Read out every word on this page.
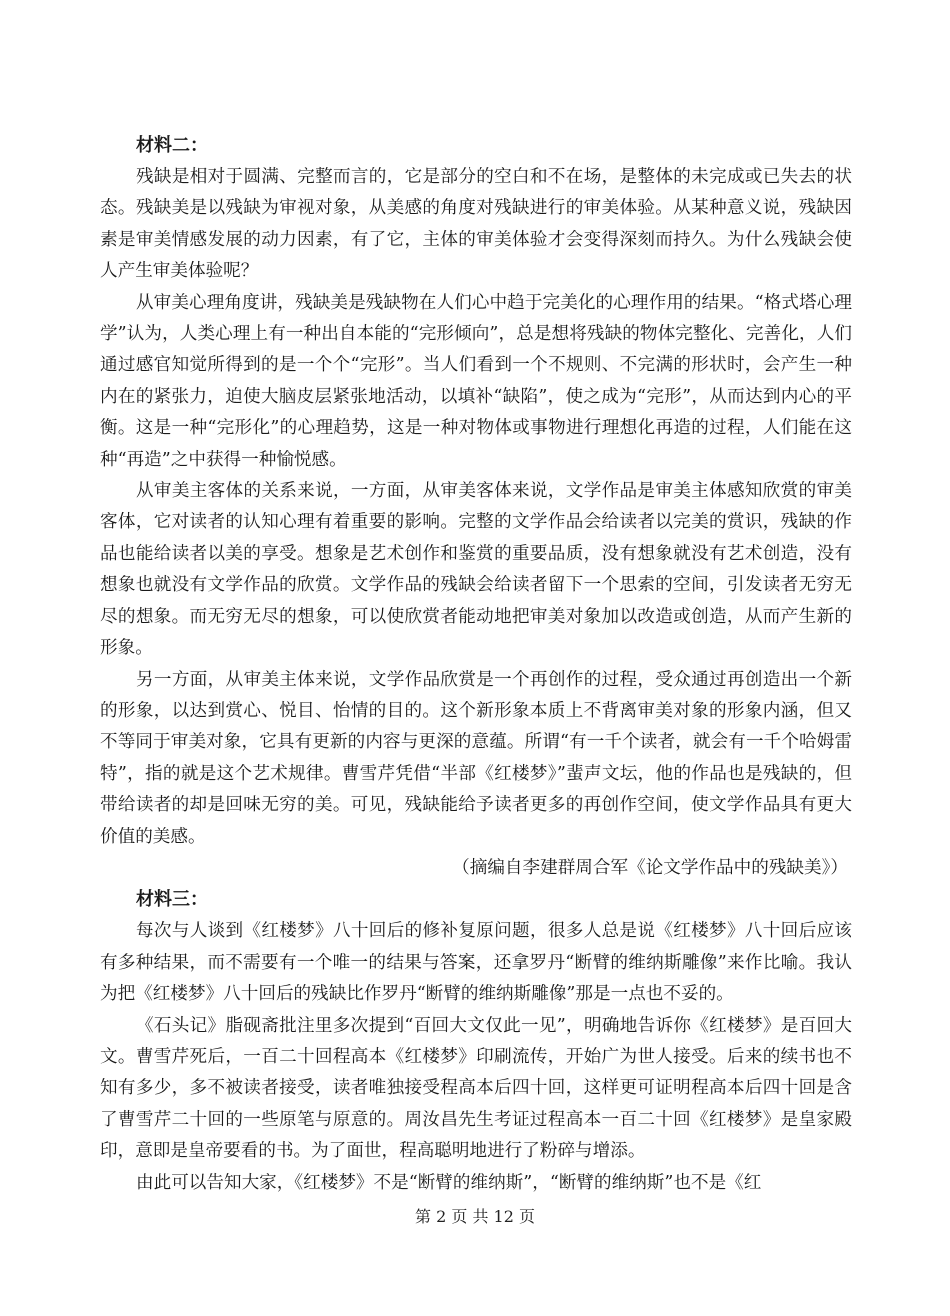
材料二：

残缺是相对于圆满、完整而言的，它是部分的空白和不在场，是整体的未完成或已失去的状态。残缺美是以残缺为审视对象，从美感的角度对残缺进行的审美体验。从某种意义说，残缺因素是审美情感发展的动力因素，有了它，主体的审美体验才会变得深刻而持久。为什么残缺会使人产生审美体验呢？

从审美心理角度讲，残缺美是残缺物在人们心中趋于完美化的心理作用的结果。“格式塔心理学”认为，人类心理上有一种出自本能的“完形倾向”，总是想将残缺的物体完整化、完善化，人们通过感官知觉所得到的是一个个“完形”。当人们看到一个不规则、不完满的形状时，会产生一种内在的紧张力，迫使大脑皮层紧张地活动，以填补“缺陷”，使之成为“完形”，从而达到内心的平衡。这是一种“完形化”的心理趋势，这是一种对物体或事物进行理想化再造的过程，人们能在这种“再造”之中获得一种愉悦感。

从审美主客体的关系来说，一方面，从审美客体来说，文学作品是审美主体感知欣赏的审美客体，它对读者的认知心理有着重要的影响。完整的文学作品会给读者以完美的赏识，残缺的作品也能给读者以美的享受。想象是艺术创作和鉴赏的重要品质，没有想象就没有艺术创造，没有想象也就没有文学作品的欣赏。文学作品的残缺会给读者留下一个思索的空间，引发读者无穷无尽的想象。而无穷无尽的想象，可以使欣赏者能动地把审美对象加以改造或创造，从而产生新的形象。

另一方面，从审美主体来说，文学作品欣赏是一个再创作的过程，受众通过再创造出一个新的形象，以达到赏心、悦目、怡情的目的。这个新形象本质上不背离审美对象的形象内涵，但又不等同于审美对象，它具有更新的内容与更深的意蕴。所谓“有一千个读者，就会有一千个哈姆雷特”，指的就是这个艺术规律。曹雪芹凭借“半部《红楼梦》”蜚声文坛，他的作品也是残缺的，但带给读者的却是回味无穷的美。可见，残缺能给予读者更多的再创作空间，使文学作品具有更大价值的美感。

（摘编自李建群周合军《论文学作品中的残缺美》）

材料三：

每次与人谈到《红楼梦》八十回后的修补复原问题，很多人总是说《红楼梦》八十回后应该有多种结果，而不需要有一个唯一的结果与答案，还拿罗丹“断臂的维纳斯雕像”来作比喻。我认为把《红楼梦》八十回后的残缺比作罗丹“断臂的维纳斯雕像”那是一点也不妥的。

《石头记》脂砚斋批注里多次提到“百回大文仅此一见”，明确地告诉你《红楼梦》是百回大文。曹雪芹死后，一百二十回程高本《红楼梦》印刷流传，开始广为世人接受。后来的续书也不知有多少，多不被读者接受，读者唯独接受程高本后四十回，这样更可证明程高本后四十回是含了曹雪芹二十回的一些原笔与原意的。周汝昌先生考证过程高本一百二十回《红楼梦》是皇家殿印，意即是皇帝要看的书。为了面世，程高聪明地进行了粉碎与增添。

由此可以告知大家，《红楼梦》不是“断臂的维纳斯”，“断臂的维纳斯”也不是《红

第 2 页 共 12 页
